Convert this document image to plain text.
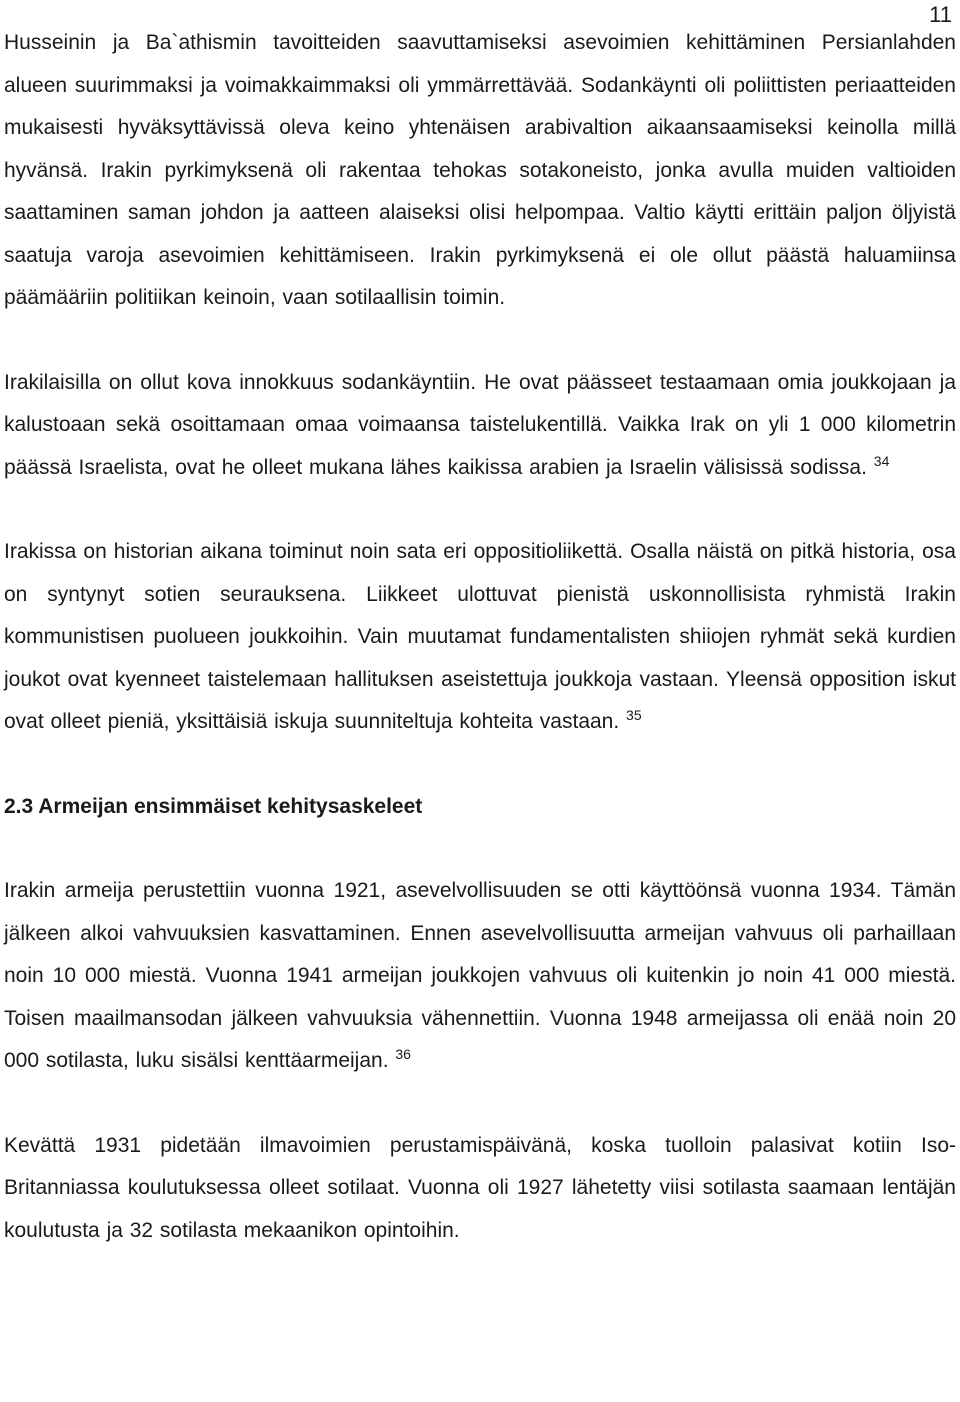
11

Husseinin ja Ba`athismin tavoitteiden saavuttamiseksi asevoimien kehittäminen Persianlahden alueen suurimmaksi ja voimakkaimmaksi oli ymmärrettävää. Sodankäynti oli poliittisten periaatteiden mukaisesti hyväksyttävissä oleva keino yhtenäisen arabivaltion aikaansaamiseksi keinolla millä hyvänsä. Irakin pyrkimyksenä oli rakentaa tehokas sotakoneisto, jonka avulla muiden valtioiden saattaminen saman johdon ja aatteen alaiseksi olisi helpompaa. Valtio käytti erittäin paljon öljyistä saatuja varoja asevoimien kehittämiseen. Irakin pyrkimyksenä ei ole ollut päästä haluamiinsa päämääriin politiikan keinoin, vaan sotilaallisin toimin.

Irakilaisilla on ollut kova innokkuus sodankäyntiin. He ovat päässeet testaamaan omia joukkojaan ja kalustoaan sekä osoittamaan omaa voimaansa taistelukentillä. Vaikka Irak on yli 1 000 kilometrin päässä Israelista, ovat he olleet mukana lähes kaikissa arabien ja Israelin välisissä sodissa. $^{34}$

Irakissa on historian aikana toiminut noin sata eri oppositioliikettä. Osalla näistä on pitkä historia, osa on syntynyt sotien seurauksena. Liikkeet ulottuvat pienistä uskonnollisista ryhmistä Irakin kommunistisen puolueen joukkoihin. Vain muutamat fundamentalisten shiiojen ryhmät sekä kurdien joukot ovat kyenneet taistelemaan hallituksen aseistettuja joukkoja vastaan. Yleensä opposition iskut ovat olleet pieniä, yksittäisiä iskuja suunniteltuja kohteita vastaan. $^{35}$

2.3 Armeijan ensimmäiset kehitysaskeleet

Irakin armeija perustettiin vuonna 1921, asevelvollisuuden se otti käyttöönsä vuonna 1934. Tämän jälkeen alkoi vahvuuksien kasvattaminen. Ennen asevelvollisuutta armeijan vahvuus oli parhaillaan noin 10 000 miestä. Vuonna 1941 armeijan joukkojen vahvuus oli kuitenkin jo noin 41 000 miestä. Toisen maailmansodan jälkeen vahvuuksia vähennettiin. Vuonna 1948 armeijassa oli enää noin 20 000 sotilasta, luku sisälsi kenttäarmeijan. $^{36}$

Kevättä 1931 pidetään ilmavoimien perustamispäivänä, koska tuolloin palasivat kotiin Iso-Britanniassa koulutuksessa olleet sotilaat. Vuonna oli 1927 lähetetty viisi sotilasta saamaan lentäjän koulutusta ja 32 sotilasta mekaanikon opintoihin.
